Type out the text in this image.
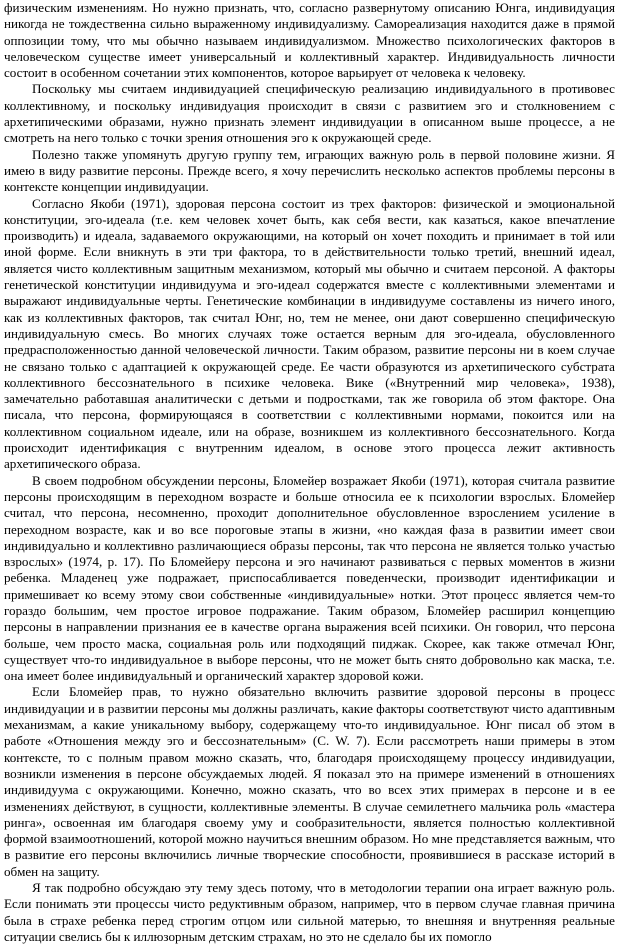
физическим изменениям. Но нужно признать, что, согласно развернутому описанию Юнга, индивидуация никогда не тождественна сильно выраженному индивидуализму. Самореализация находится даже в прямой оппозиции тому, что мы обычно называем индивидуализмом. Множество психологических факторов в человеческом существе имеет универсальный и коллективный характер. Индивидуальность личности состоит в особенном сочетании этих компонентов, которое варьирует от человека к человеку.

Поскольку мы считаем индивидуацией специфическую реализацию индивидуального в противовес коллективному, и поскольку индивидуация происходит в связи с развитием эго и столкновением с архетипическими образами, нужно признать элемент индивидуации в описанном выше процессе, а не смотреть на него только с точки зрения отношения эго к окружающей среде.

Полезно также упомянуть другую группу тем, играющих важную роль в первой половине жизни. Я имею в виду развитие персоны. Прежде всего, я хочу перечислить несколько аспектов проблемы персоны в контексте концепции индивидуации.

Согласно Якоби (1971), здоровая персона состоит из трех факторов: физической и эмоциональной конституции, эго-идеала (т.е. кем человек хочет быть, как себя вести, как казаться, какое впечатление производить) и идеала, задаваемого окружающими, на который он хочет походить и принимает в той или иной форме. Если вникнуть в эти три фактора, то в действительности только третий, внешний идеал, является чисто коллективным защитным механизмом, который мы обычно и считаем персоной. А факторы генетической конституции индивидуума и эго-идеал содержатся вместе с коллективными элементами и выражают индивидуальные черты. Генетические комбинации в индивидууме составлены из ничего иного, как из коллективных факторов, так считал Юнг, но, тем не менее, они дают совершенно специфическую индивидуальную смесь. Во многих случаях тоже остается верным для эго-идеала, обусловленного предрасположенностью данной человеческой личности. Таким образом, развитие персоны ни в коем случае не связано только с адаптацией к окружающей среде. Ее части образуются из архетипического субстрата коллективного бессознательного в психике человека. Вике («Внутренний мир человека», 1938), замечательно работавшая аналитически с детьми и подростками, так же говорила об этом факторе. Она писала, что персона, формирующаяся в соответствии с коллективными нормами, покоится или на коллективном социальном идеале, или на образе, возникшем из коллективного бессознательного. Когда происходит идентификация с внутренним идеалом, в основе этого процесса лежит активность архетипического образа.

В своем подробном обсуждении персоны, Бломейер возражает Якоби (1971), которая считала развитие персоны происходящим в переходном возрасте и больше относила ее к психологии взрослых. Бломейер считал, что персона, несомненно, проходит дополнительное обусловленное взрослением усиление в переходном возрасте, как и во все пороговые этапы в жизни, «но каждая фаза в развитии имеет свои индивидуально и коллективно различающиеся образы персоны, так что персона не является только участью взрослых» (1974, р. 17). По Бломейеру персона и эго начинают развиваться с первых моментов в жизни ребенка. Младенец уже подражает, приспосабливается поведенчески, производит идентификации и примешивает ко всему этому свои собственные «индивидуальные» нотки. Этот процесс является чем-то гораздо большим, чем простое игровое подражание. Таким образом, Бломейер расширил концепцию персоны в направлении признания ее в качестве органа выражения всей психики. Он говорил, что персона больше, чем просто маска, социальная роль или подходящий пиджак. Скорее, как также отмечал Юнг, существует что-то индивидуальное в выборе персоны, что не может быть снято добровольно как маска, т.е. она имеет более индивидуальный и органический характер здоровой кожи.

Если Бломейер прав, то нужно обязательно включить развитие здоровой персоны в процесс индивидуации и в развитии персоны мы должны различать, какие факторы соответствуют чисто адаптивным механизмам, а какие уникальному выбору, содержащему что-то индивидуальное. Юнг писал об этом в работе «Отношения между эго и бессознательным» (С. W. 7). Если рассмотреть наши примеры в этом контексте, то с полным правом можно сказать, что, благодаря происходящему процессу индивидуации, возникли изменения в персоне обсуждаемых людей. Я показал это на примере изменений в отношениях индивидуума с окружающими. Конечно, можно сказать, что во всех этих примерах в персоне и в ее изменениях действуют, в сущности, коллективные элементы. В случае семилетнего мальчика роль «мастера ринга», освоенная им благодаря своему уму и сообразительности, является полностью коллективной формой взаимоотношений, которой можно научиться внешним образом. Но мне представляется важным, что в развитие его персоны включились личные творческие способности, проявившиеся в рассказе историй в обмен на защиту.

Я так подробно обсуждаю эту тему здесь потому, что в методологии терапии она играет важную роль. Если понимать эти процессы чисто редуктивным образом, например, что в первом случае главная причина была в страхе ребенка перед строгим отцом или сильной матерью, то внешняя и внутренняя реальные ситуации свелись бы к иллюзорным детским страхам, но это не сделало бы их помогло
